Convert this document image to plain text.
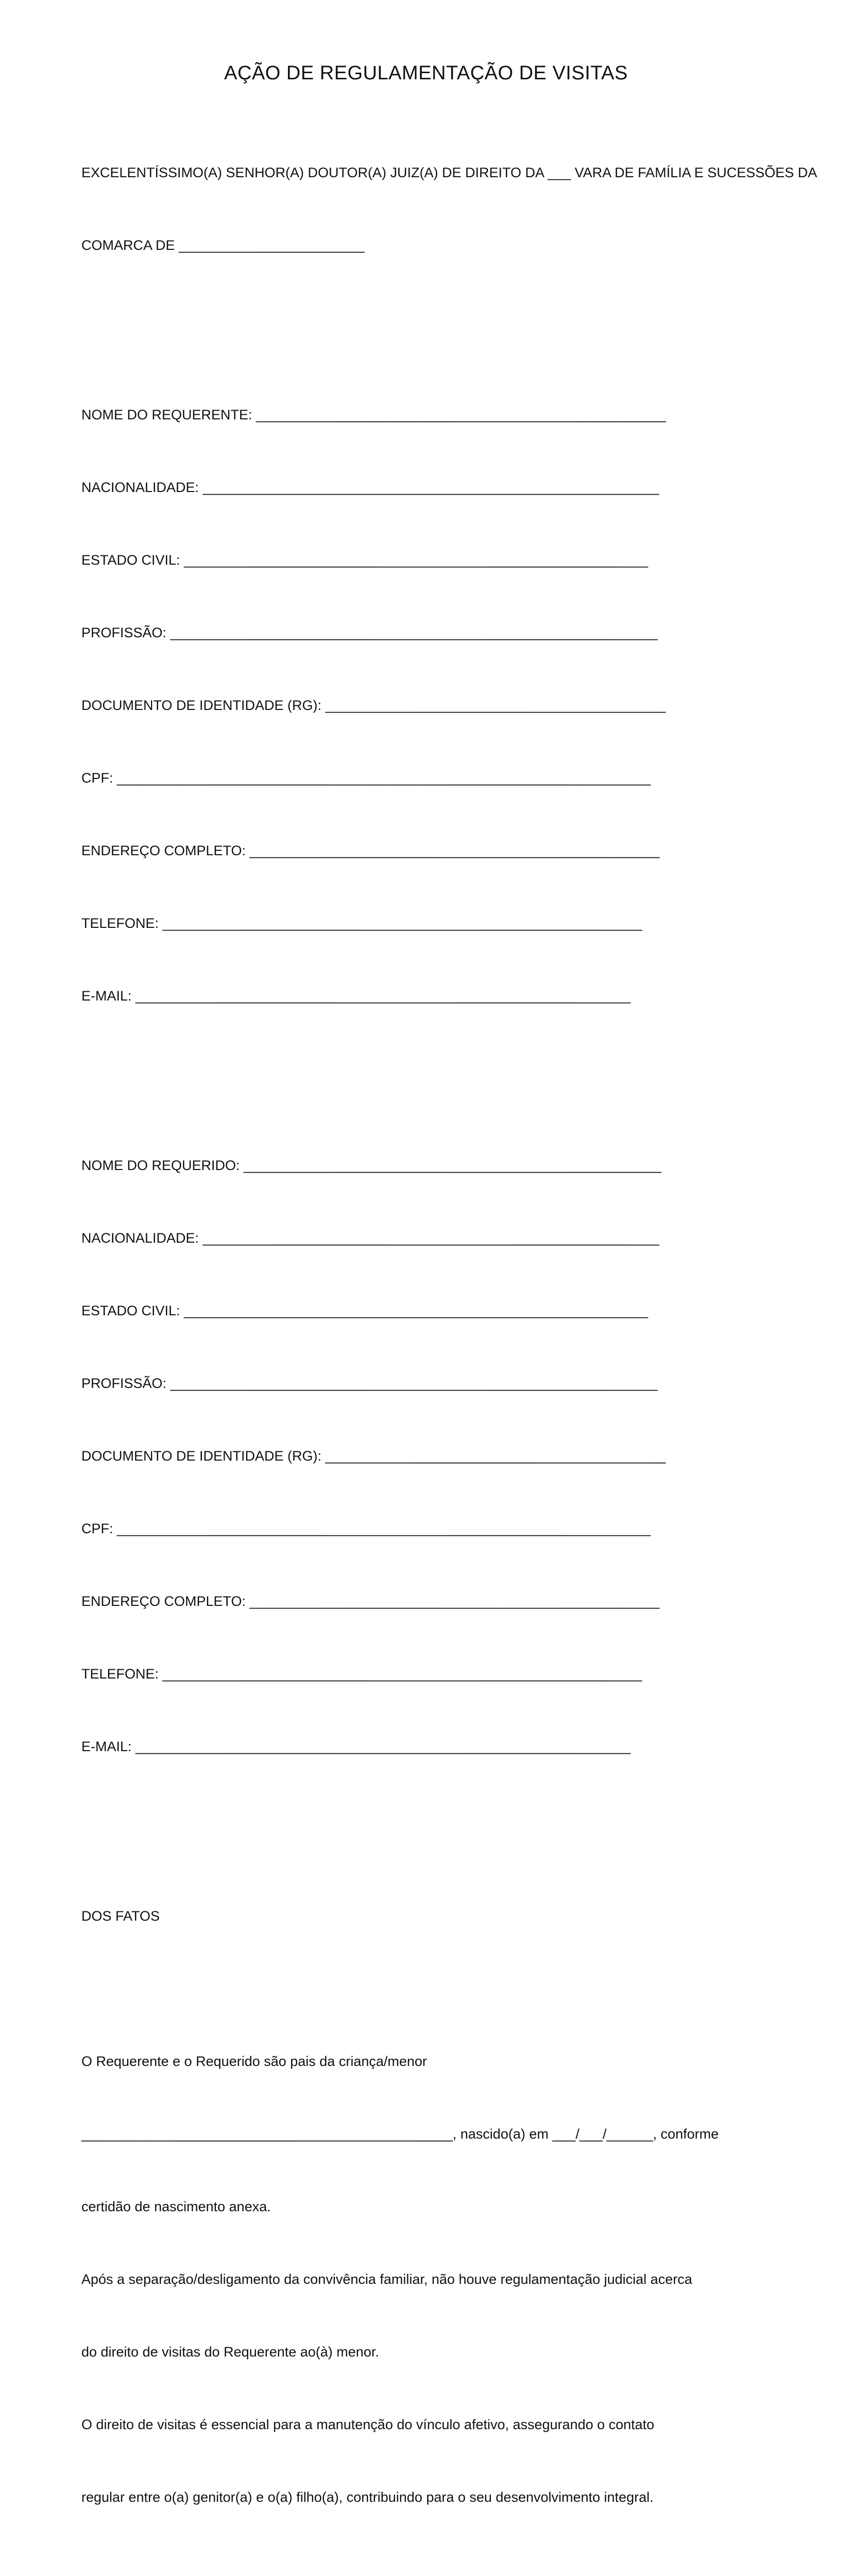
AÇÃO DE REGULAMENTAÇÃO DE VISITAS

EXCELENTÍSSIMO(A) SENHOR(A) DOUTOR(A) JUIZ(A) DE DIREITO DA ___ VARA DE FAMÍLIA E SUCESSÕES DA

COMARCA DE ________________________

NOME DO REQUERENTE: _____________________________________________________

NACIONALIDADE: ___________________________________________________________

ESTADO CIVIL: ____________________________________________________________

PROFISSÃO: _______________________________________________________________

DOCUMENTO DE IDENTIDADE (RG): ____________________________________________

CPF: _____________________________________________________________________

ENDEREÇO COMPLETO: _____________________________________________________

TELEFONE: ______________________________________________________________

E-MAIL: ________________________________________________________________

NOME DO REQUERIDO: ______________________________________________________

NACIONALIDADE: ___________________________________________________________

ESTADO CIVIL: ____________________________________________________________

PROFISSÃO: _______________________________________________________________

DOCUMENTO DE IDENTIDADE (RG): ____________________________________________

CPF: _____________________________________________________________________

ENDEREÇO COMPLETO: _____________________________________________________

TELEFONE: ______________________________________________________________

E-MAIL: ________________________________________________________________

DOS FATOS

O Requerente e o Requerido são pais da criança/menor

________________________________________________, nascido(a) em ___/___/______, conforme

certidão de nascimento anexa.

Após a separação/desligamento da convivência familiar, não houve regulamentação judicial acerca

do direito de visitas do Requerente ao(à) menor.

O direito de visitas é essencial para a manutenção do vínculo afetivo, assegurando o contato

regular entre o(a) genitor(a) e o(a) filho(a), contribuindo para o seu desenvolvimento integral.
